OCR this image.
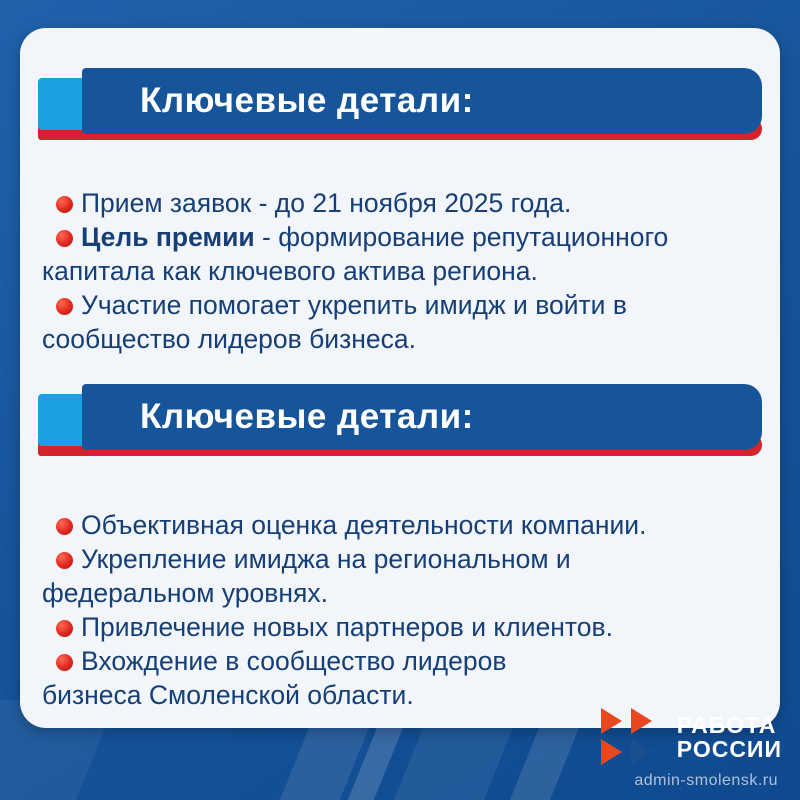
Ключевые детали:

Прием заявок - до 21 ноября 2025 года.

Цель премии - формирование репутационного

капитала как ключевого актива региона.

Участие помогает укрепить имидж и войти в

сообщество лидеров бизнеса.

Ключевые детали:

Объективная оценка деятельности компании.

Укрепление имиджа на региональном и

федеральном уровнях.

Привлечение новых партнеров и клиентов.

Вхождение в сообщество лидеров

бизнеса Смоленской области.

РАБОТА
РОССИИ
admin-smolensk.ru
